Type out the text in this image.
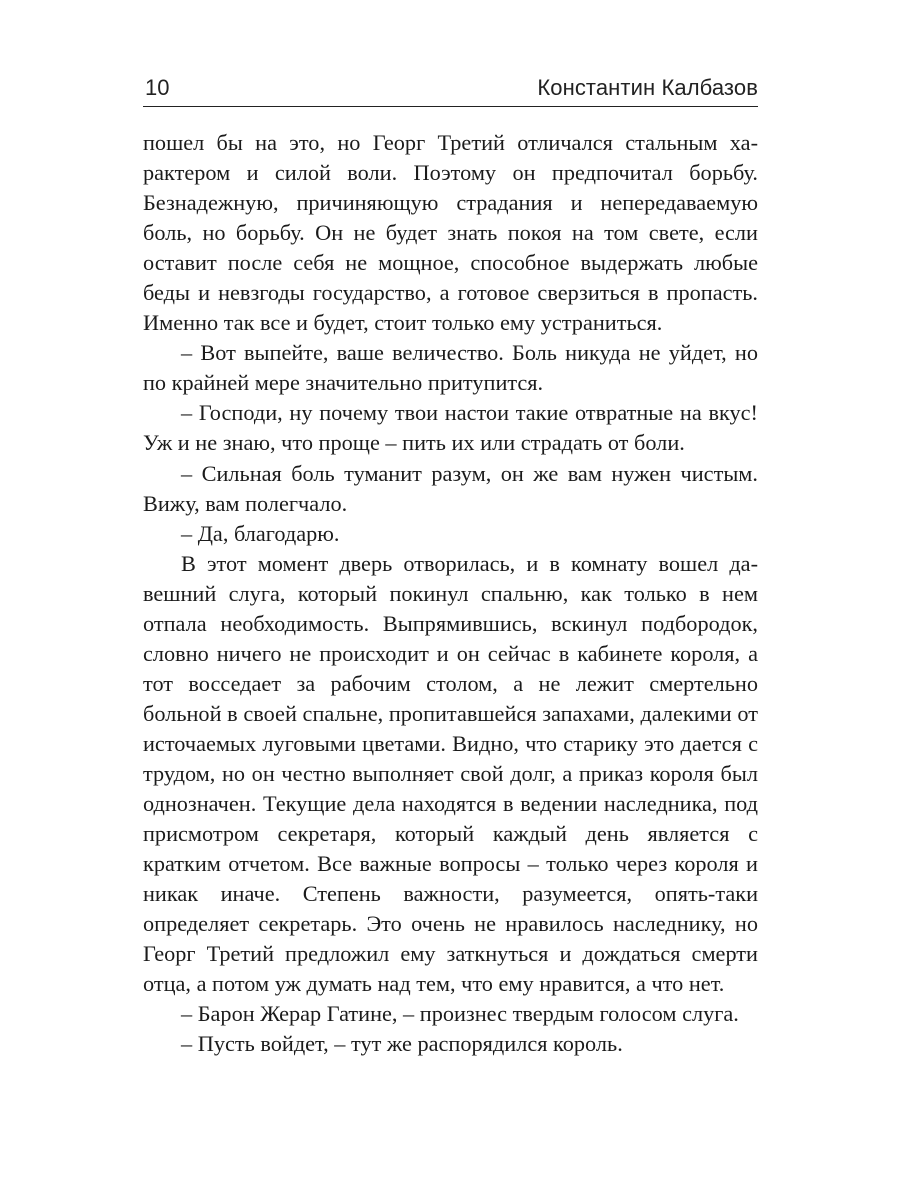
10	Константин Калбазов

пошел бы на это, но Георг Третий отличался стальным характером и силой воли. Поэтому он предпочитал борьбу. Безнадежную, причиняющую страдания и непередаваемую боль, но борьбу. Он не будет знать покоя на том свете, если оставит после себя не мощное, способное выдержать любые беды и невзгоды государство, а готовое сверзиться в пропасть. Именно так все и будет, стоит только ему устраниться.

– Вот выпейте, ваше величество. Боль никуда не уйдет, но по крайней мере значительно притупится.

– Господи, ну почему твои настои такие отвратные на вкус! Уж и не знаю, что проще – пить их или страдать от боли.

– Сильная боль туманит разум, он же вам нужен чистым. Вижу, вам полегчало.

– Да, благодарю.

В этот момент дверь отворилась, и в комнату вошел давешний слуга, который покинул спальню, как только в нем отпала необходимость. Выпрямившись, вскинул подбородок, словно ничего не происходит и он сейчас в кабинете короля, а тот восседает за рабочим столом, а не лежит смертельно больной в своей спальне, пропитавшейся запахами, далекими от источаемых луговыми цветами. Видно, что старику это дается с трудом, но он честно выполняет свой долг, а приказ короля был однозначен. Текущие дела находятся в ведении наследника, под присмотром секретаря, который каждый день является с кратким отчетом. Все важные вопросы – только через короля и никак иначе. Степень важности, разумеется, опять-таки определяет секретарь. Это очень не нравилось наследнику, но Георг Третий предложил ему заткнуться и дождаться смерти отца, а потом уж думать над тем, что ему нравится, а что нет.

– Барон Жерар Гатине, – произнес твердым голосом слуга.

– Пусть войдет, – тут же распорядился король.
